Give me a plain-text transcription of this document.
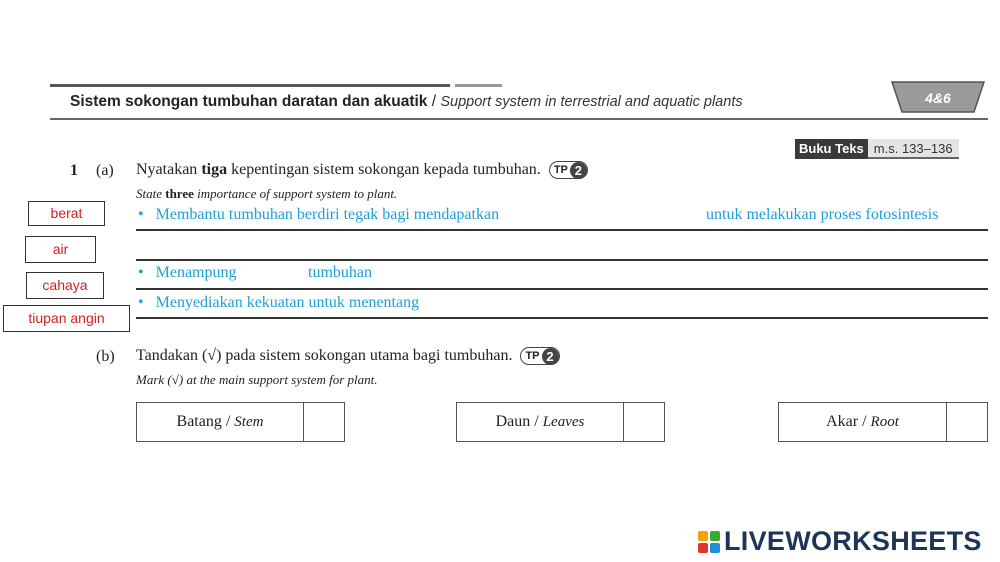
Sistem sokongan tumbuhan daratan dan akuatik / Support system in terrestrial and aquatic plants	4&6
Buku Teks m.s. 133–136
1 (a) Nyatakan tiga kepentingan sistem sokongan kepada tumbuhan. TP 2
State three importance of support system to plant.
• Membantu tumbuhan berdiri tegak bagi mendapatkan	untuk melakukan proses fotosintesis
• Menampung	tumbuhan
• Menyediakan kekuatan untuk menentang
berat
air
cahaya
tiupan angin
(b) Tandakan (√) pada sistem sokongan utama bagi tumbuhan. TP 2
Mark (√) at the main support system for plant.
Batang / Stem	Daun / Leaves	Akar / Root
LIVEWORKSHEETS
